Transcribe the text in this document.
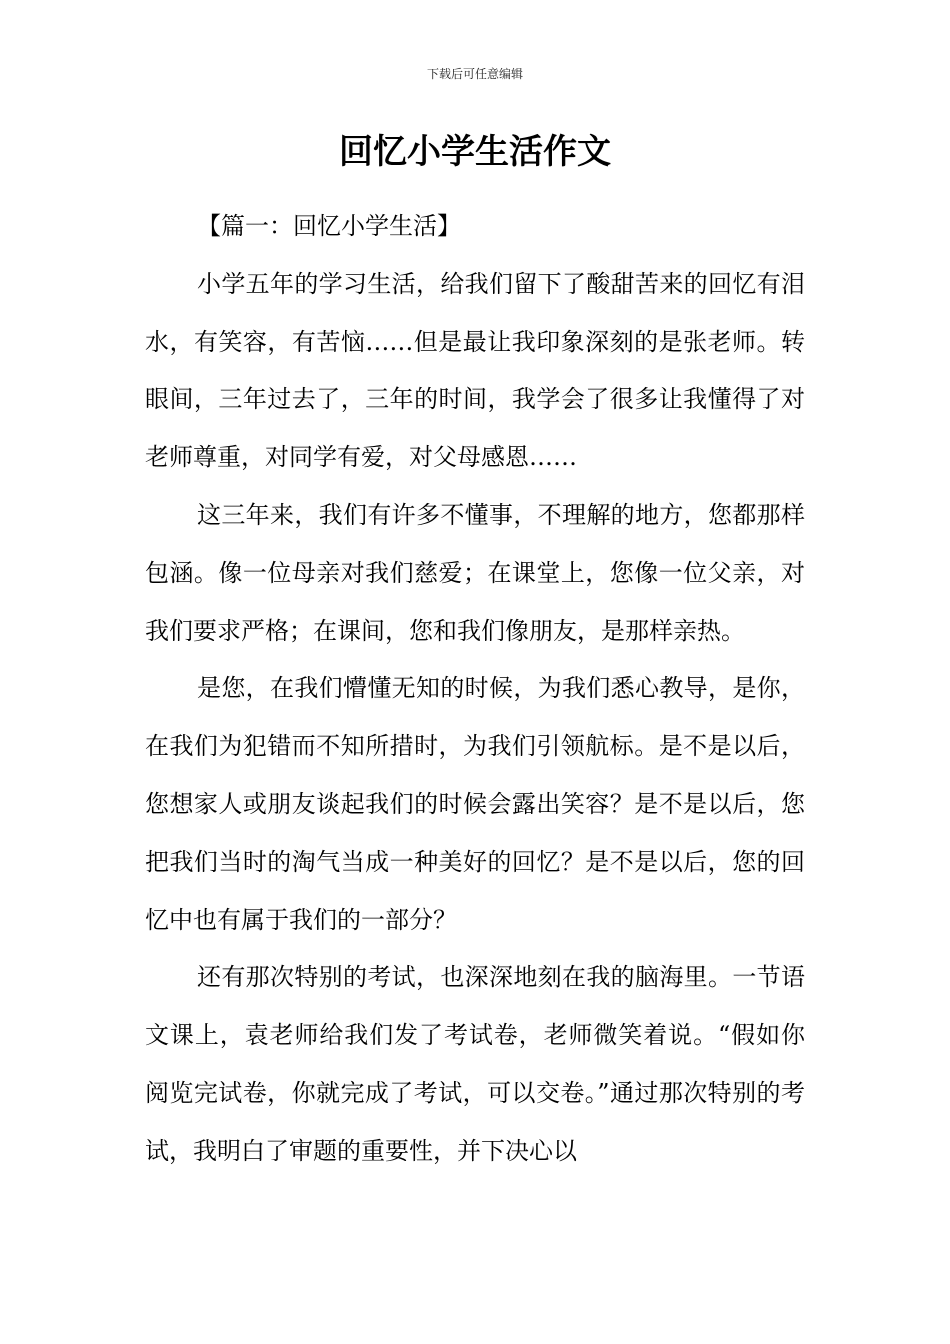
下载后可任意编辑
回忆小学生活作文

【篇一：回忆小学生活】

小学五年的学习生活，给我们留下了酸甜苦来的回忆有泪水，有笑容，有苦恼……但是最让我印象深刻的是张老师。转眼间，三年过去了，三年的时间，我学会了很多让我懂得了对老师尊重，对同学有爱，对父母感恩……

这三年来，我们有许多不懂事，不理解的地方，您都那样包涵。像一位母亲对我们慈爱；在课堂上，您像一位父亲，对我们要求严格；在课间，您和我们像朋友，是那样亲热。

是您，在我们懵懂无知的时候，为我们悉心教导，是你，在我们为犯错而不知所措时，为我们引领航标。是不是以后，您想家人或朋友谈起我们的时候会露出笑容？是不是以后，您把我们当时的淘气当成一种美好的回忆？是不是以后，您的回忆中也有属于我们的一部分？

还有那次特别的考试，也深深地刻在我的脑海里。一节语文课上，袁老师给我们发了考试卷，老师微笑着说。“假如你阅览完试卷，你就完成了考试，可以交卷。”通过那次特别的考试，我明白了审题的重要性，并下决心以
